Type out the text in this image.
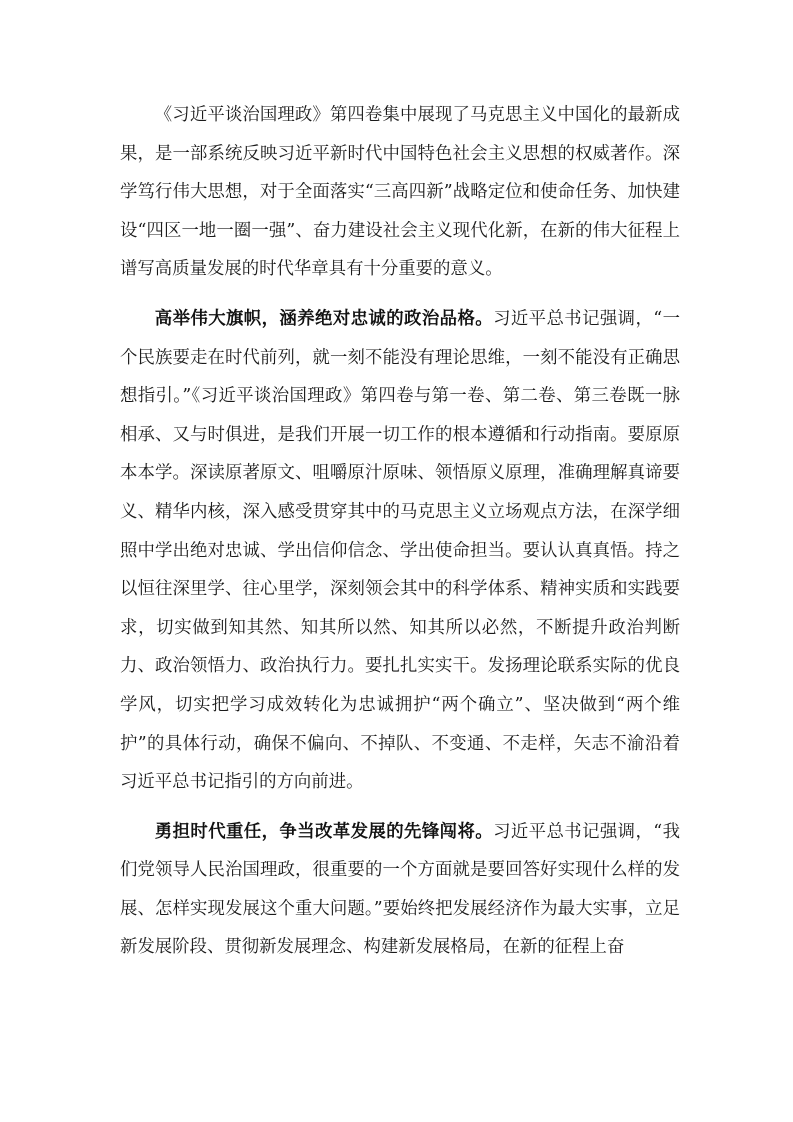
《习近平谈治国理政》第四卷集中展现了马克思主义中国化的最新成果，是一部系统反映习近平新时代中国特色社会主义思想的权威著作。深学笃行伟大思想，对于全面落实“三高四新”战略定位和使命任务、加快建设“四区一地一圈一强”、奋力建设社会主义现代化新，在新的伟大征程上谱写高质量发展的时代华章具有十分重要的意义。

高举伟大旗帜，涵养绝对忠诚的政治品格。习近平总书记强调，“一个民族要走在时代前列，就一刻不能没有理论思维，一刻不能没有正确思想指引。”《习近平谈治国理政》第四卷与第一卷、第二卷、第三卷既一脉相承、又与时俱进，是我们开展一切工作的根本遵循和行动指南。要原原本本学。深读原著原文、咀嚼原汁原味、领悟原义原理，准确理解真谛要义、精华内核，深入感受贯穿其中的马克思主义立场观点方法，在深学细照中学出绝对忠诚、学出信仰信念、学出使命担当。要认认真真悟。持之以恒往深里学、往心里学，深刻领会其中的科学体系、精神实质和实践要求，切实做到知其然、知其所以然、知其所以必然，不断提升政治判断力、政治领悟力、政治执行力。要扎扎实实干。发扬理论联系实际的优良学风，切实把学习成效转化为忠诚拥护“两个确立”、坚决做到“两个维护”的具体行动，确保不偏向、不掉队、不变通、不走样，矢志不渝沿着习近平总书记指引的方向前进。

勇担时代重任，争当改革发展的先锋闯将。习近平总书记强调，“我们党领导人民治国理政，很重要的一个方面就是要回答好实现什么样的发展、怎样实现发展这个重大问题。”要始终把发展经济作为最大实事，立足新发展阶段、贯彻新发展理念、构建新发展格局，在新的征程上奋
